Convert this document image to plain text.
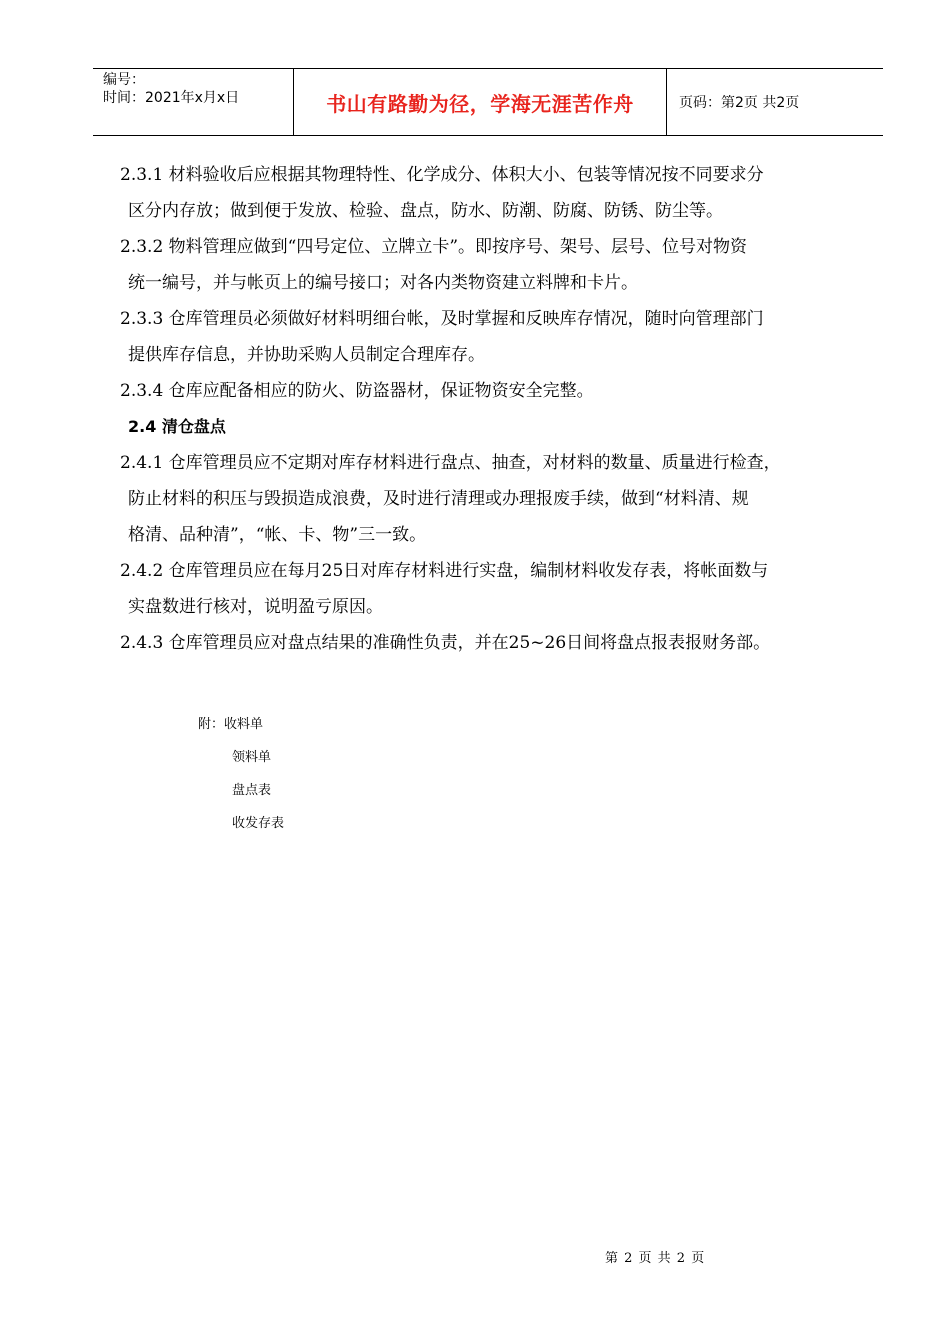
编号：
时间：2021年x月x日	书山有路勤为径，学海无涯苦作舟	页码：第2页 共2页

2.3.1 材料验收后应根据其物理特性、化学成分、体积大小、包装等情况按不同要求分
区分内存放；做到便于发放、检验、盘点，防水、防潮、防腐、防锈、防尘等。

2.3.2 物料管理应做到“四号定位、立牌立卡”。即按序号、架号、层号、位号对物资
统一编号，并与帐页上的编号接口；对各内类物资建立料牌和卡片。

2.3.3 仓库管理员必须做好材料明细台帐，及时掌握和反映库存情况，随时向管理部门
提供库存信息，并协助采购人员制定合理库存。

2.3.4 仓库应配备相应的防火、防盗器材，保证物资安全完整。

2.4 清仓盘点

2.4.1 仓库管理员应不定期对库存材料进行盘点、抽查，对材料的数量、质量进行检查，
防止材料的积压与毁损造成浪费，及时进行清理或办理报废手续，做到“材料清、规
格清、品种清”，“帐、卡、物”三一致。

2.4.2 仓库管理员应在每月25日对库存材料进行实盘，编制材料收发存表，将帐面数与
实盘数进行核对，说明盈亏原因。

2.4.3 仓库管理员应对盘点结果的准确性负责，并在25~26日间将盘点报表报财务部。

附：收料单
领料单
盘点表
收发存表
第 2 页 共 2 页
